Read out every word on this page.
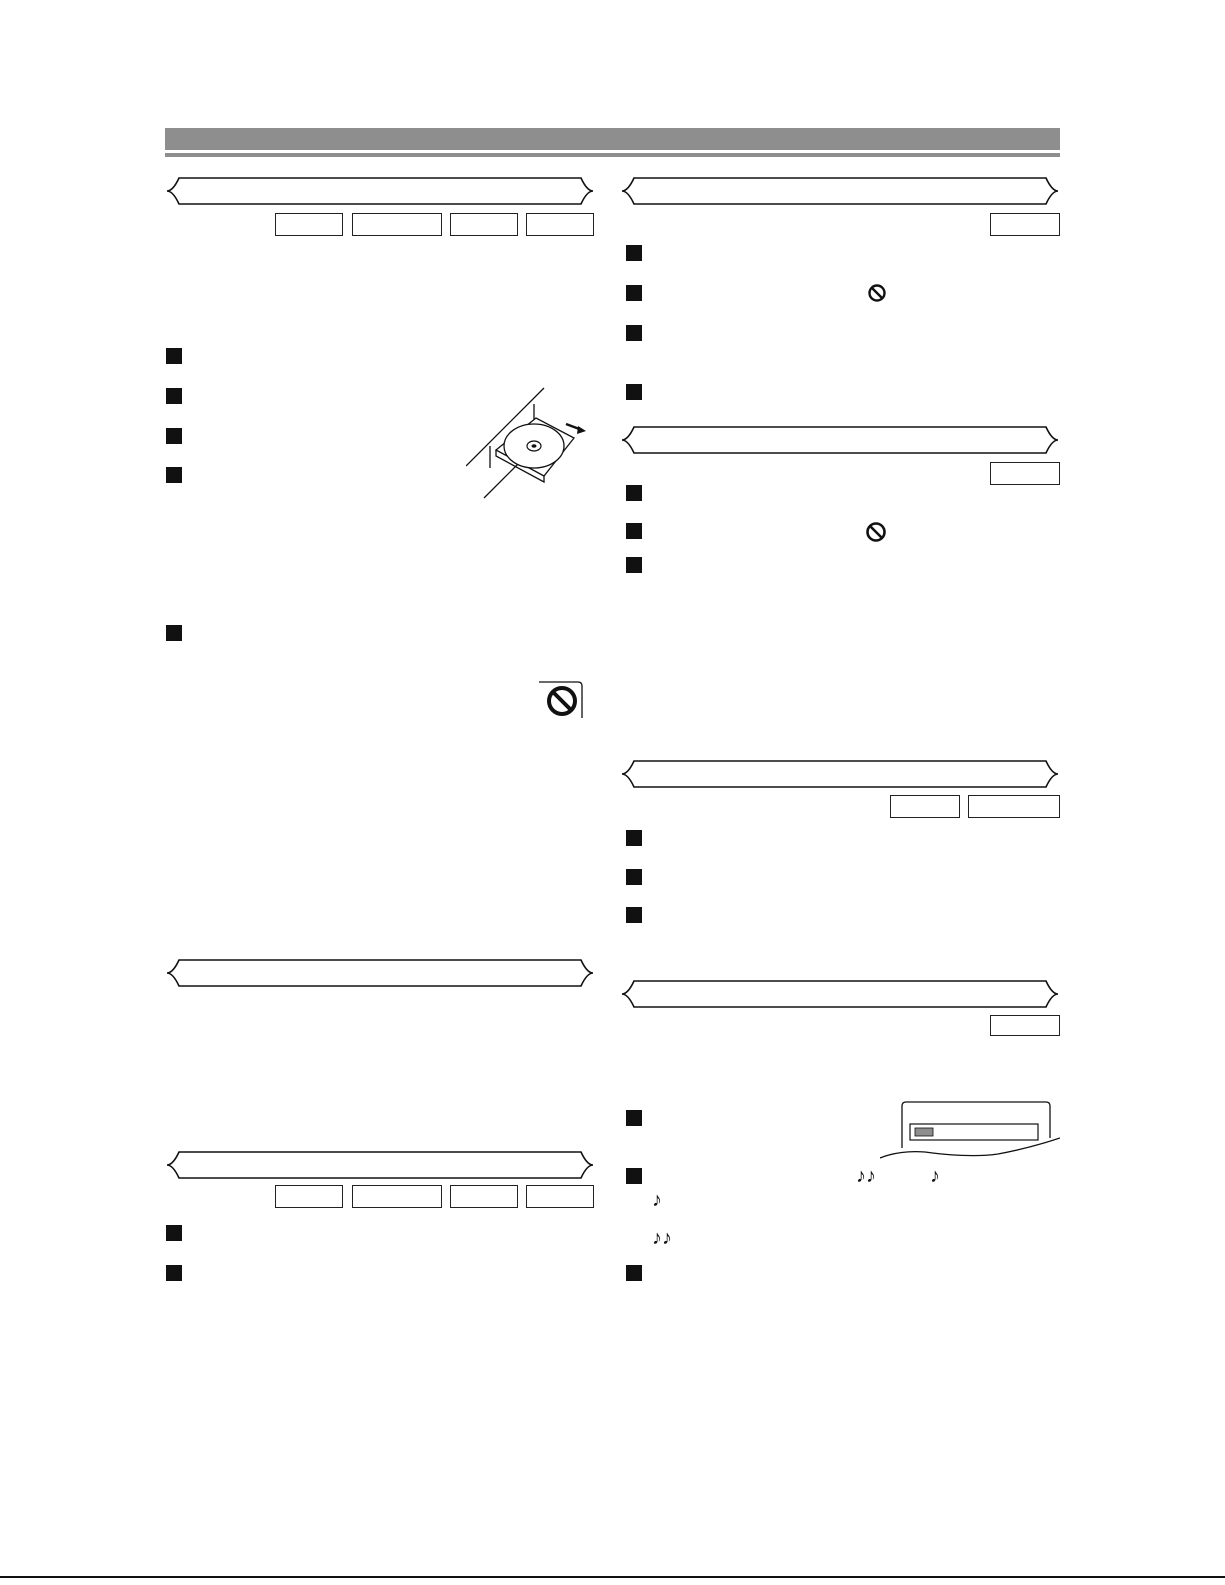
♪♪	♪
♪
♪♪
